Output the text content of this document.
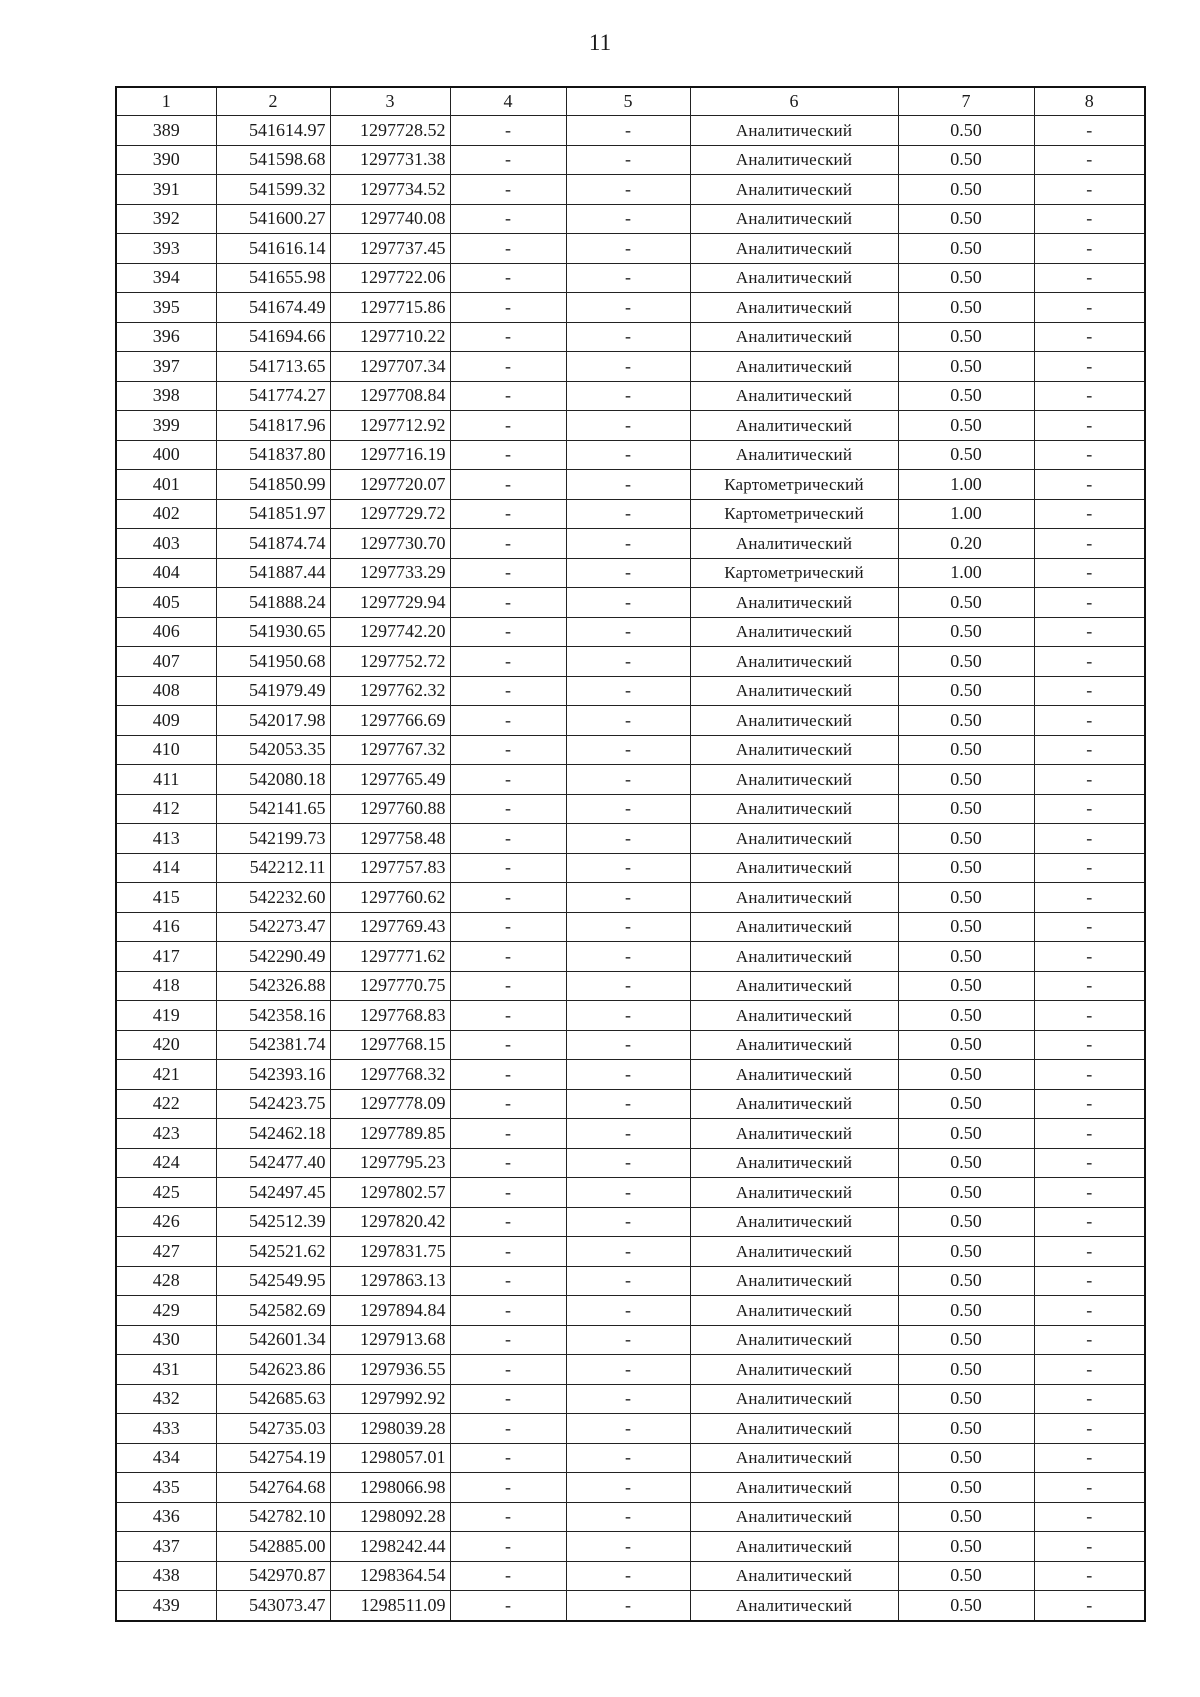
11
1	2	3	4	5	6	7	8
389	541614.97	1297728.52	-	-	Аналитический	0.50	-
390	541598.68	1297731.38	-	-	Аналитический	0.50	-
391	541599.32	1297734.52	-	-	Аналитический	0.50	-
392	541600.27	1297740.08	-	-	Аналитический	0.50	-
393	541616.14	1297737.45	-	-	Аналитический	0.50	-
394	541655.98	1297722.06	-	-	Аналитический	0.50	-
395	541674.49	1297715.86	-	-	Аналитический	0.50	-
396	541694.66	1297710.22	-	-	Аналитический	0.50	-
397	541713.65	1297707.34	-	-	Аналитический	0.50	-
398	541774.27	1297708.84	-	-	Аналитический	0.50	-
399	541817.96	1297712.92	-	-	Аналитический	0.50	-
400	541837.80	1297716.19	-	-	Аналитический	0.50	-
401	541850.99	1297720.07	-	-	Картометрический	1.00	-
402	541851.97	1297729.72	-	-	Картометрический	1.00	-
403	541874.74	1297730.70	-	-	Аналитический	0.20	-
404	541887.44	1297733.29	-	-	Картометрический	1.00	-
405	541888.24	1297729.94	-	-	Аналитический	0.50	-
406	541930.65	1297742.20	-	-	Аналитический	0.50	-
407	541950.68	1297752.72	-	-	Аналитический	0.50	-
408	541979.49	1297762.32	-	-	Аналитический	0.50	-
409	542017.98	1297766.69	-	-	Аналитический	0.50	-
410	542053.35	1297767.32	-	-	Аналитический	0.50	-
411	542080.18	1297765.49	-	-	Аналитический	0.50	-
412	542141.65	1297760.88	-	-	Аналитический	0.50	-
413	542199.73	1297758.48	-	-	Аналитический	0.50	-
414	542212.11	1297757.83	-	-	Аналитический	0.50	-
415	542232.60	1297760.62	-	-	Аналитический	0.50	-
416	542273.47	1297769.43	-	-	Аналитический	0.50	-
417	542290.49	1297771.62	-	-	Аналитический	0.50	-
418	542326.88	1297770.75	-	-	Аналитический	0.50	-
419	542358.16	1297768.83	-	-	Аналитический	0.50	-
420	542381.74	1297768.15	-	-	Аналитический	0.50	-
421	542393.16	1297768.32	-	-	Аналитический	0.50	-
422	542423.75	1297778.09	-	-	Аналитический	0.50	-
423	542462.18	1297789.85	-	-	Аналитический	0.50	-
424	542477.40	1297795.23	-	-	Аналитический	0.50	-
425	542497.45	1297802.57	-	-	Аналитический	0.50	-
426	542512.39	1297820.42	-	-	Аналитический	0.50	-
427	542521.62	1297831.75	-	-	Аналитический	0.50	-
428	542549.95	1297863.13	-	-	Аналитический	0.50	-
429	542582.69	1297894.84	-	-	Аналитический	0.50	-
430	542601.34	1297913.68	-	-	Аналитический	0.50	-
431	542623.86	1297936.55	-	-	Аналитический	0.50	-
432	542685.63	1297992.92	-	-	Аналитический	0.50	-
433	542735.03	1298039.28	-	-	Аналитический	0.50	-
434	542754.19	1298057.01	-	-	Аналитический	0.50	-
435	542764.68	1298066.98	-	-	Аналитический	0.50	-
436	542782.10	1298092.28	-	-	Аналитический	0.50	-
437	542885.00	1298242.44	-	-	Аналитический	0.50	-
438	542970.87	1298364.54	-	-	Аналитический	0.50	-
439	543073.47	1298511.09	-	-	Аналитический	0.50	-
